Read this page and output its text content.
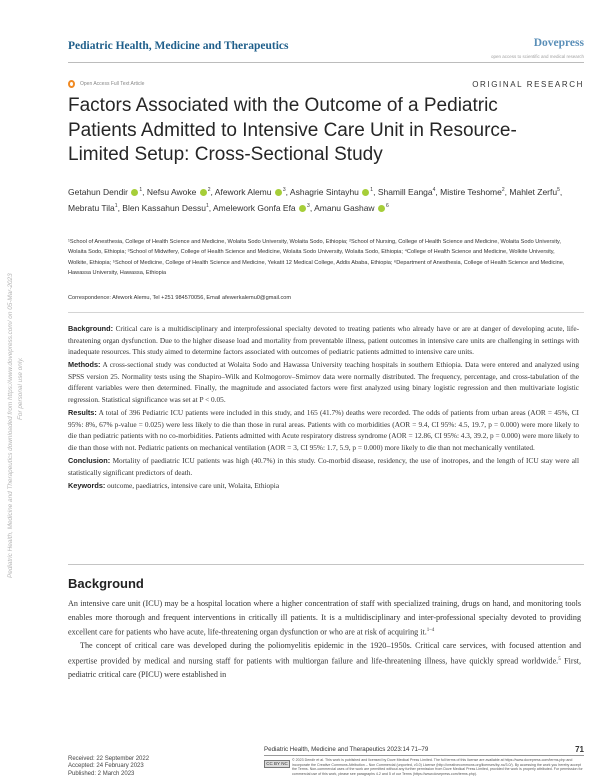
Pediatric Health, Medicine and Therapeutics	Dovepress
open access to scientific and medical research
Open Access Full Text Article	ORIGINAL RESEARCH
Factors Associated with the Outcome of a Pediatric Patients Admitted to Intensive Care Unit in Resource-Limited Setup: Cross-Sectional Study
Getahun Dendir $^1$, Nefsu Awoke $^2$, Afework Alemu $^3$, Ashagrie Sintayhu $^1$, Shamill Eanga$^4$, Mistire Teshome$^2$, Mahlet Zerfu$^5$, Mebratu Tila$^1$, Blen Kassahun Dessu$^1$, Amelework Gonfa Efa $^3$, Amanu Gashaw $^6$
¹School of Anesthesia, College of Health Science and Medicine, Wolaita Sodo University, Wolaita Sodo, Ethiopia; ²School of Nursing, College of Health Science and Medicine, Wolaita Sodo University, Wolaita Sodo, Ethiopia; ³School of Midwifery, College of Health Science and Medicine, Wolaita Sodo University, Wolaita Sodo, Ethiopia; ⁴College of Health Science and Medicine, Wolkite University, Wolkite, Ethiopia; ⁵School of Medicine, College of Health Science and Medicine, Yekatit 12 Medical College, Addis Ababa, Ethiopia; ⁶Department of Anesthesia, College of Health Science and Medicine, Hawassa University, Hawassa, Ethiopia
Correspondence: Afework Alemu, Tel +251 984570056, Email afewerkalemu0@gmail.com

Background: Critical care is a multidisciplinary and interprofessional specialty devoted to treating patients who already have or are at danger of developing acute, life-threatening organ dysfunction. Due to the higher disease load and mortality from preventable illness, patient outcomes in intensive care units are challenging in settings with inadequate resources. This study aimed to determine factors associated with outcomes of pediatric patients admitted to intensive care units.

Methods: A cross-sectional study was conducted at Wolaita Sodo and Hawassa University teaching hospitals in southern Ethiopia. Data were entered and analyzed using SPSS version 25. Normality tests using the Shapiro–Wilk and Kolmogorov–Smirnov data were normally distributed. The frequency, percentage, and cross-tabulation of the different variables were then determined. Finally, the magnitude and associated factors were first analyzed using binary logistic regression and then multivariate logistic regression. Statistical significance was set at P < 0.05.

Results: A total of 396 Pediatric ICU patients were included in this study, and 165 (41.7%) deaths were recorded. The odds of patients from urban areas (AOR = 45%, CI 95%: 8%, 67% p-value = 0.025) were less likely to die than those in rural areas. Patients with co morbidities (AOR = 9.4, CI 95%: 4.5, 19.7, p = 0.000) were more likely to die than pediatric patients with no co-morbidities. Patients admitted with Acute respiratory distress syndrome (AOR = 12.86, CI 95%: 4.3, 39.2, p = 0.000) were more likely to die than those with not. Pediatric patients on mechanical ventilation (AOR = 3, CI 95%: 1.7, 5.9, p = 0.000) more likely to die than not mechanically ventilated.

Conclusion: Mortality of paediatric ICU patients was high (40.7%) in this study. Co-morbid disease, residency, the use of inotropes, and the length of ICU stay were all statistically significant predictors of death.

Keywords: outcome, paediatrics, intensive care unit, Wolaita, Ethiopia

Background

An intensive care unit (ICU) may be a hospital location where a higher concentration of staff with specialized training, drugs on hand, and monitoring tools enables more thorough and frequent interventions in critically ill patients. It is a multidisciplinary and inter-professional specialty devoted to providing excellent care for patients who have acute, life-threatening organ dysfunction or who are at risk of acquiring it.$^{1-4}$

The concept of critical care was developed during the poliomyelitis epidemic in the 1920–1950s. Critical care services, with focused attention and expertise provided by medical and nursing staff for patients with multiorgan failure and life-threatening illness, have quickly spread worldwide.$^5$ First, pediatric critical care (PICU) were established in

Pediatric Health, Medicine and Therapeutics downloaded from https://www.dovepress.com/ on 05-Mar-2023 For personal use only.
Received: 22 September 2022
Accepted: 24 February 2023
Published: 2 March 2023
Pediatric Health, Medicine and Therapeutics 2023:14 71–79	71
CC BY NC
© 2023 Dendir et al. This work is published and licensed by Dove Medical Press Limited. The full terms of this license are available at https://www.dovepress.com/terms.php and incorporate the Creative Commons Attribution – Non Commercial (unported, v3.0) License (http://creativecommons.org/licenses/by-nc/3.0/). By accessing the work you hereby accept the Terms. Non-commercial uses of the work are permitted without any further permission from Dove Medical Press Limited, provided the work is properly attributed. For permission for commercial use of this work, please see paragraphs 4.2 and 5 of our Terms (https://www.dovepress.com/terms.php).
